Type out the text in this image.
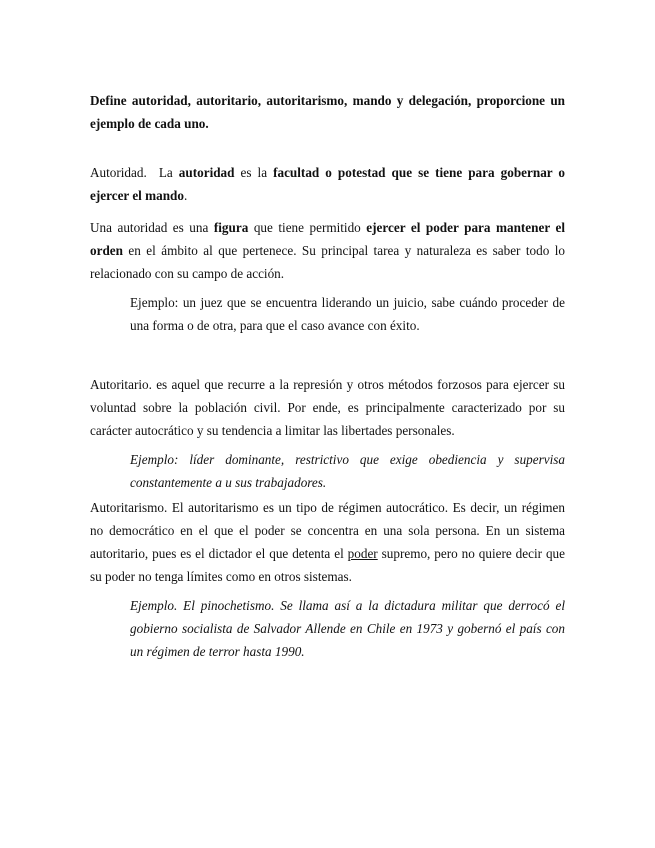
Define autoridad, autoritario, autoritarismo, mando y delegación, proporcione un ejemplo de cada uno.
Autoridad. La autoridad es la facultad o potestad que se tiene para gobernar o ejercer el mando.
Una autoridad es una figura que tiene permitido ejercer el poder para mantener el orden en el ámbito al que pertenece. Su principal tarea y naturaleza es saber todo lo relacionado con su campo de acción.
Ejemplo: un juez que se encuentra liderando un juicio, sabe cuándo proceder de una forma o de otra, para que el caso avance con éxito.
Autoritario. es aquel que recurre a la represión y otros métodos forzosos para ejercer su voluntad sobre la población civil. Por ende, es principalmente caracterizado por su carácter autocrático y su tendencia a limitar las libertades personales.
Ejemplo: líder dominante, restrictivo que exige obediencia y supervisa constantemente a u sus trabajadores.
Autoritarismo. El autoritarismo es un tipo de régimen autocrático. Es decir, un régimen no democrático en el que el poder se concentra en una sola persona. En un sistema autoritario, pues es el dictador el que detenta el poder supremo, pero no quiere decir que su poder no tenga límites como en otros sistemas.
Ejemplo. El pinochetismo. Se llama así a la dictadura militar que derrocó el gobierno socialista de Salvador Allende en Chile en 1973 y gobernó el país con un régimen de terror hasta 1990.
